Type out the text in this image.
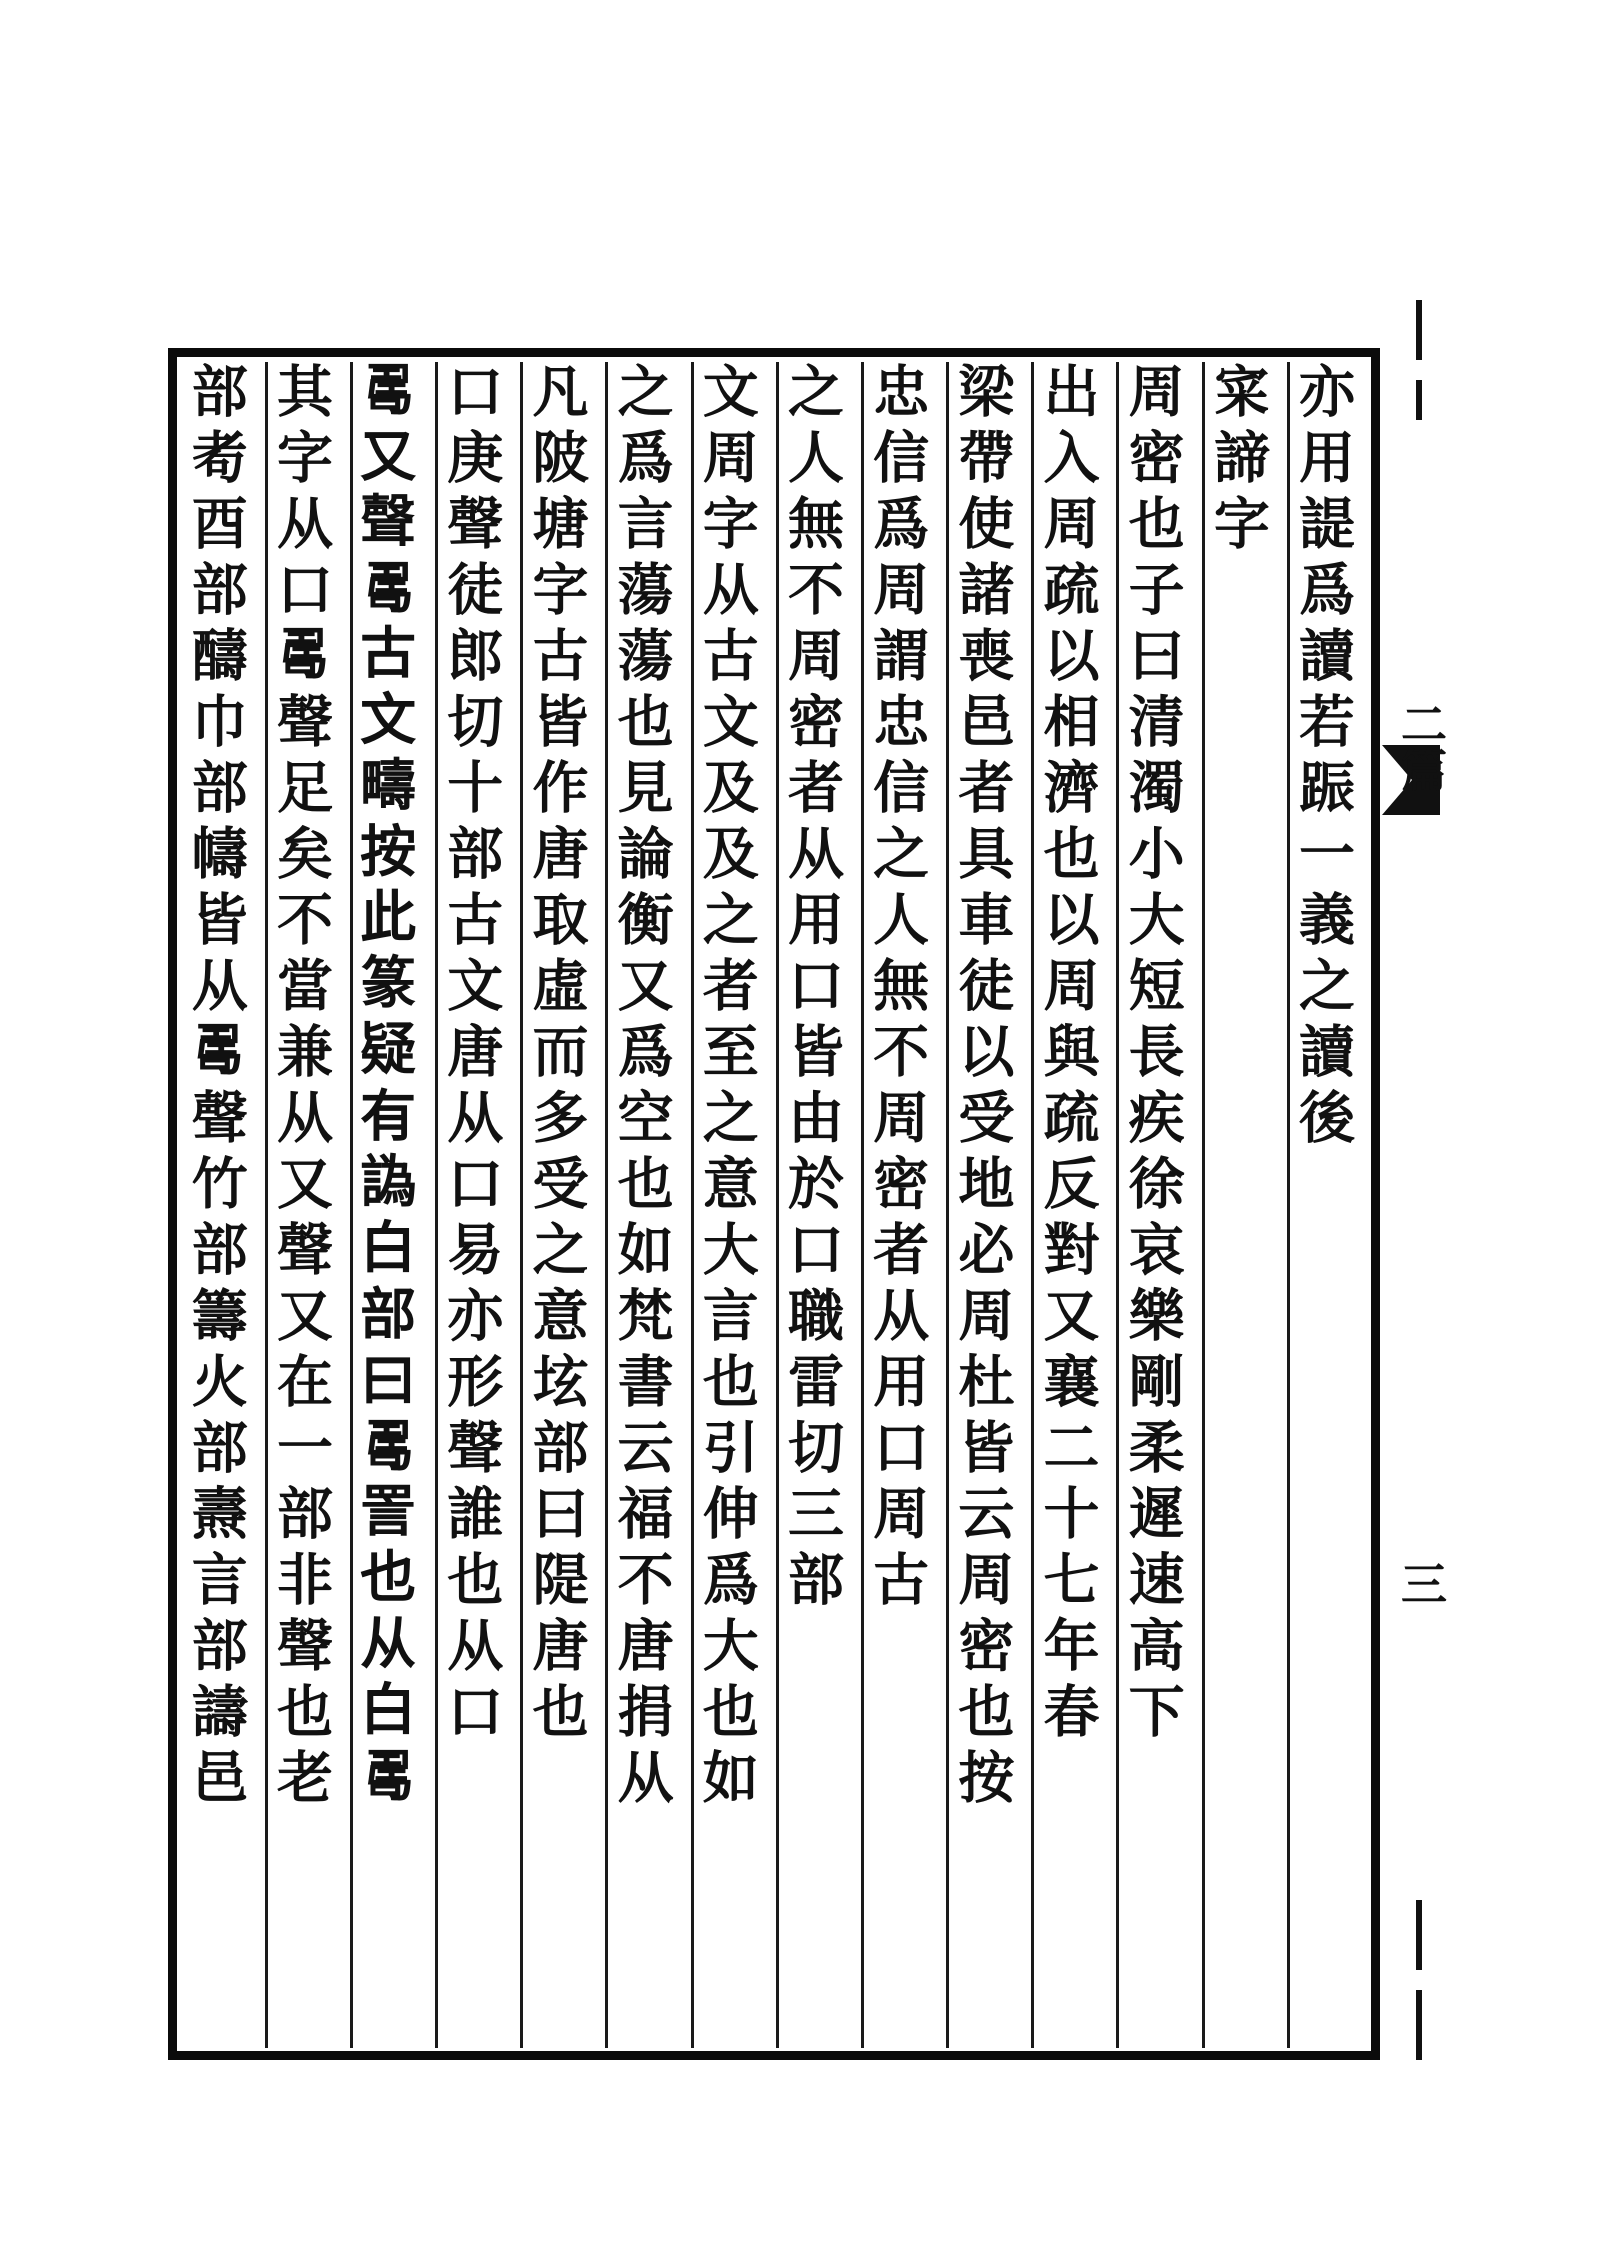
亦用諟爲讀若䟴一義之讀後
寀諦字
周密也子曰清濁小大短長疾徐哀樂剛柔遲速高下
出入周疏以相濟也以周與疏反對又襄二十七年春
梁帶使諸喪邑者具車徒以受地必周杜皆云周密也按
忠信爲周謂忠信之人無不周密者从用口周古
之人無不周密者从用口皆由於口職雷切三部
文周字从古文及及之者至之意大言也引伸爲大也如
之爲言蕩蕩也見論衡又爲空也如梵書云福不唐捐从
凡陂塘字古皆作唐取虛而多受之意𡊨部曰隄唐也
口庚聲徒郎切十部古文唐从口易亦形聲誰也从口
𠷎又聲𠷎古文疇按此篆疑有譌白部曰𠷎詈也从白𠷎
其字从口𠷎聲足矣不當兼从又聲又在一部非聲也老
部耇酉部醻巾部幬皆从𠷎聲竹部籌火部燾言部譸邑	二篇
三
